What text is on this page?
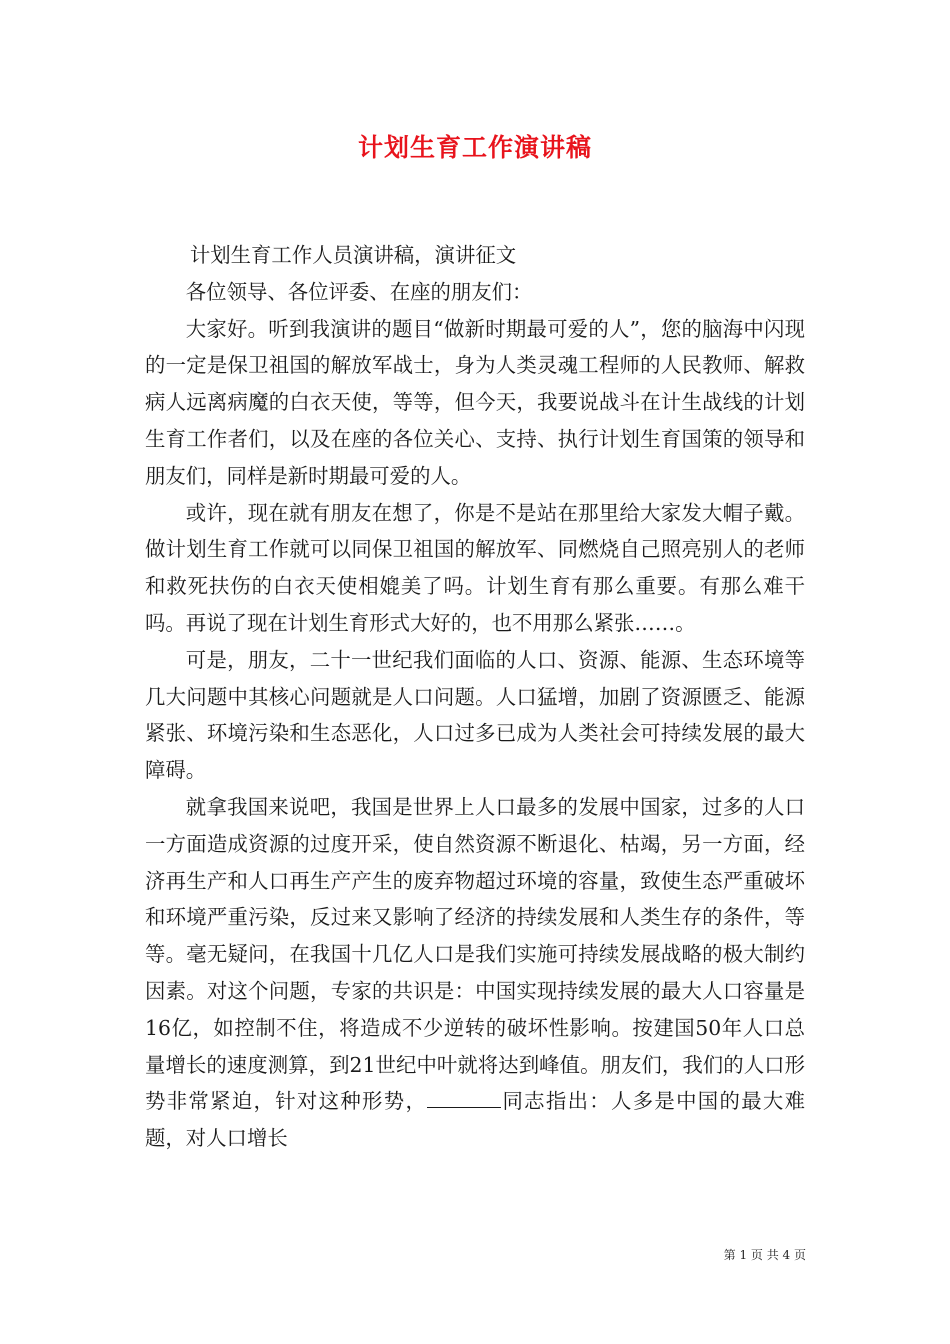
计划生育工作演讲稿

计划生育工作人员演讲稿，演讲征文

各位领导、各位评委、在座的朋友们：

大家好。听到我演讲的题目“做新时期最可爱的人”，您的脑海中闪现的一定是保卫祖国的解放军战士，身为人类灵魂工程师的人民教师、解救病人远离病魔的白衣天使，等等，但今天，我要说战斗在计生战线的计划生育工作者们，以及在座的各位关心、支持、执行计划生育国策的领导和朋友们，同样是新时期最可爱的人。

或许，现在就有朋友在想了，你是不是站在那里给大家发大帽子戴。做计划生育工作就可以同保卫祖国的解放军、同燃烧自己照亮别人的老师和救死扶伤的白衣天使相媲美了吗。计划生育有那么重要。有那么难干吗。再说了现在计划生育形式大好的，也不用那么紧张……。

可是，朋友，二十一世纪我们面临的人口、资源、能源、生态环境等几大问题中其核心问题就是人口问题。人口猛增，加剧了资源匮乏、能源紧张、环境污染和生态恶化，人口过多已成为人类社会可持续发展的最大障碍。

就拿我国来说吧，我国是世界上人口最多的发展中国家，过多的人口一方面造成资源的过度开采，使自然资源不断退化、枯竭，另一方面，经济再生产和人口再生产产生的废弃物超过环境的容量，致使生态严重破坏和环境严重污染，反过来又影响了经济的持续发展和人类生存的条件，等等。毫无疑问，在我国十几亿人口是我们实施可持续发展战略的极大制约因素。对这个问题，专家的共识是：中国实现持续发展的最大人口容量是16亿，如控制不住，将造成不少逆转的破坏性影响。按建国50年人口总量增长的速度测算，到21世纪中叶就将达到峰值。朋友们，我们的人口形势非常紧迫，针对这种形势，	同志指出：人多是中国的最大难题，对人口增长

第 1 页 共 4 页
